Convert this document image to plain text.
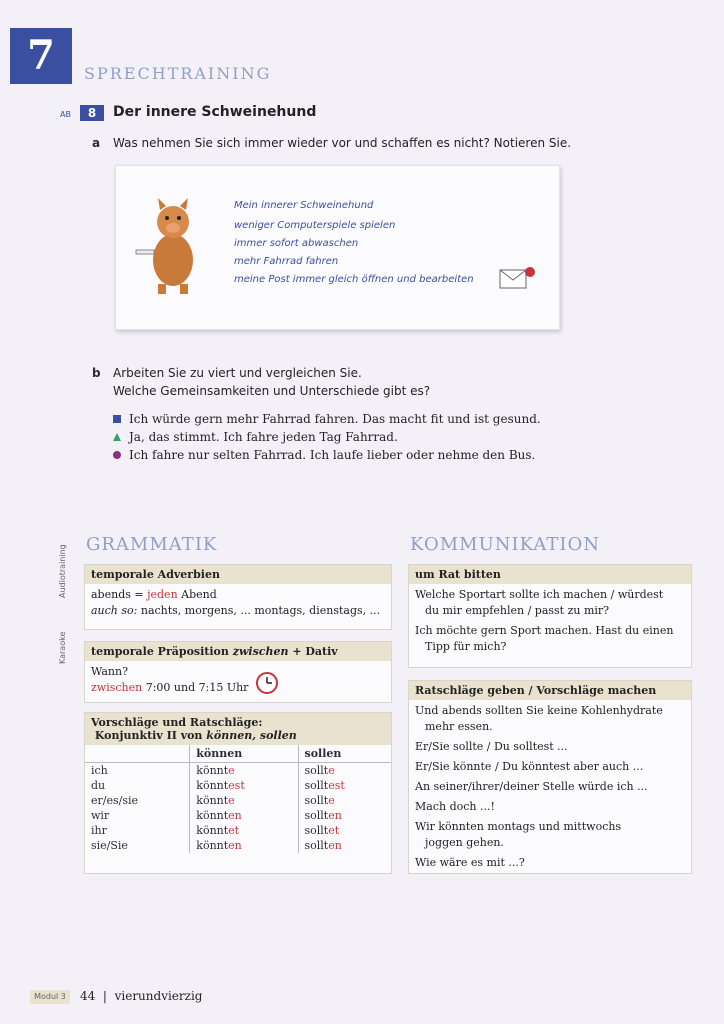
7	SPRECHTRAINING
AB	8	Der innere Schweinehund
a Was nehmen Sie sich immer wieder vor und schaffen es nicht? Notieren Sie.
Mein innerer Schweinehund
weniger Computerspiele spielen
immer sofort abwaschen
mehr Fahrrad fahren
meine Post immer gleich öffnen und bearbeiten
b Arbeiten Sie zu viert und vergleichen Sie.
Welche Gemeinsamkeiten und Unterschiede gibt es?
Ich würde gern mehr Fahrrad fahren. Das macht fit und ist gesund.
Ja, das stimmt. Ich fahre jeden Tag Fahrrad.
Ich fahre nur selten Fahrrad. Ich laufe lieber oder nehme den Bus.
Audiotraining
Karaoke
GRAMMATIK
temporale Adverbien
abends = jeden Abend
auch so: nachts, morgens, ... montags, dienstags, ...
temporale Präposition zwischen + Dativ
Wann?
zwischen 7:00 und 7:15 Uhr
Vorschläge und Ratschläge:
Konjunktiv II von können, sollen
	können	sollen
ich	könnte	sollte
du	könntest	solltest
er/es/sie	könnte	sollte
wir	könnten	sollten
ihr	könntet	solltet
sie/Sie	könnten	sollten
KOMMUNIKATION
um Rat bitten
Welche Sportart sollte ich machen / würdest
du mir empfehlen / passt zu mir?
Ich möchte gern Sport machen. Hast du einen
Tipp für mich?
Ratschläge geben / Vorschläge machen
Und abends sollten Sie keine Kohlenhydrate
mehr essen.
Er/Sie sollte / Du solltest ...
Er/Sie könnte / Du könntest aber auch ...
An seiner/ihrer/deiner Stelle würde ich ...
Mach doch ...!
Wir könnten montags und mittwochs
joggen gehen.
Wie wäre es mit ...?
Modul 3	44  |  vierundvierzig
